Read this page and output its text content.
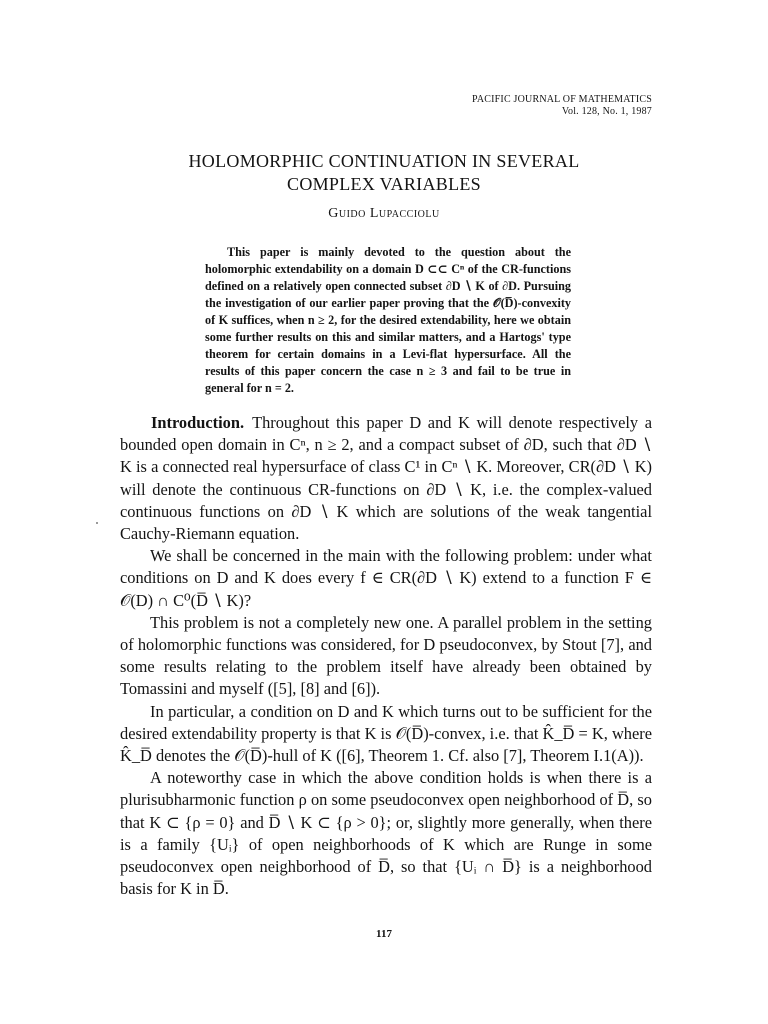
PACIFIC JOURNAL OF MATHEMATICS
Vol. 128, No. 1, 1987
HOLOMORPHIC CONTINUATION IN SEVERAL
COMPLEX VARIABLES
Guido Lupacciolu
This paper is mainly devoted to the question about the holomorphic extendability on a domain D ⊂⊂ Cⁿ of the CR-functions defined on a relatively open connected subset ∂D ∖ K of ∂D. Pursuing the investigation of our earlier paper proving that the 𝒪(D̅)-convexity of K suffices, when n ≥ 2, for the desired extendability, here we obtain some further results on this and similar matters, and a Hartogs' type theorem for certain domains in a Levi-flat hypersurface. All the results of this paper concern the case n ≥ 3 and fail to be true in general for n = 2.

Introduction. Throughout this paper D and K will denote respectively a bounded open domain in Cⁿ, n ≥ 2, and a compact subset of ∂D, such that ∂D ∖ K is a connected real hypersurface of class C¹ in Cⁿ ∖ K. Moreover, CR(∂D ∖ K) will denote the continuous CR-functions on ∂D ∖ K, i.e. the complex-valued continuous functions on ∂D ∖ K which are solutions of the weak tangential Cauchy-Riemann equation.

We shall be concerned in the main with the following problem: under what conditions on D and K does every f ∈ CR(∂D ∖ K) extend to a function F ∈ 𝒪(D) ∩ C⁰(D̅ ∖ K)?

This problem is not a completely new one. A parallel problem in the setting of holomorphic functions was considered, for D pseudoconvex, by Stout [7], and some results relating to the problem itself have already been obtained by Tomassini and myself ([5], [8] and [6]).

In particular, a condition on D and K which turns out to be sufficient for the desired extendability property is that K is 𝒪(D̅)-convex, i.e. that K̂_D̅ = K, where K̂_D̅ denotes the 𝒪(D̅)-hull of K ([6], Theorem 1. Cf. also [7], Theorem I.1(A)).

A noteworthy case in which the above condition holds is when there is a plurisubharmonic function ρ on some pseudoconvex open neighborhood of D̅, so that K ⊂ {ρ = 0} and D̅ ∖ K ⊂ {ρ > 0}; or, slightly more generally, when there is a family {Uᵢ} of open neighborhoods of K which are Runge in some pseudoconvex open neighborhood of D̅, so that {Uᵢ ∩ D̅} is a neighborhood basis for K in D̅.

117
